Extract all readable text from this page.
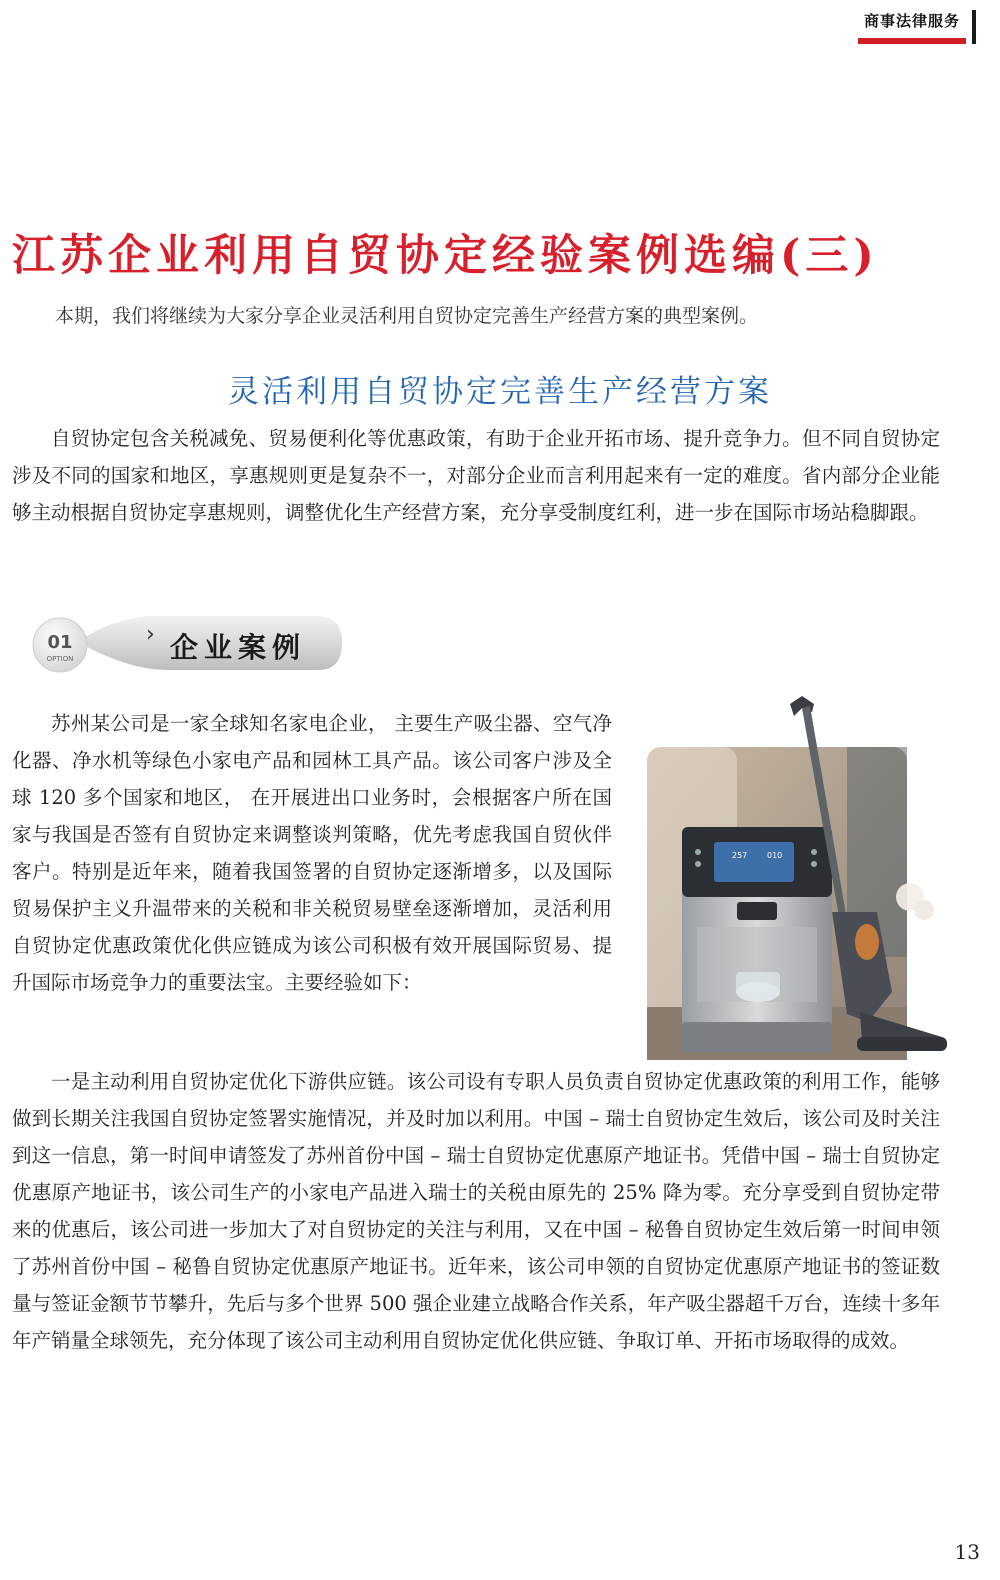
商事法律服务
江苏企业利用自贸协定经验案例选编(三)
本期，我们将继续为大家分享企业灵活利用自贸协定完善生产经营方案的典型案例。
灵活利用自贸协定完善生产经营方案

自贸协定包含关税减免、贸易便利化等优惠政策，有助于企业开拓市场、提升竞争力。但不同自贸协定涉及不同的国家和地区，享惠规则更是复杂不一，对部分企业而言利用起来有一定的难度。省内部分企业能够主动根据自贸协定享惠规则，调整优化生产经营方案，充分享受制度红利，进一步在国际市场站稳脚跟。

01
OPTION
› 企业案例

苏州某公司是一家全球知名家电企业， 主要生产吸尘器、空气净化器、净水机等绿色小家电产品和园林工具产品。该公司客户涉及全球 120 多个国家和地区， 在开展进出口业务时，会根据客户所在国家与我国是否签有自贸协定来调整谈判策略，优先考虑我国自贸伙伴客户。特别是近年来，随着我国签署的自贸协定逐渐增多，以及国际贸易保护主义升温带来的关税和非关税贸易壁垒逐渐增加，灵活利用自贸协定优惠政策优化供应链成为该公司积极有效开展国际贸易、提升国际市场竞争力的重要法宝。主要经验如下：

257 010
一是主动利用自贸协定优化下游供应链。该公司设有专职人员负责自贸协定优惠政策的利用工作，能够做到长期关注我国自贸协定签署实施情况，并及时加以利用。中国 – 瑞士自贸协定生效后，该公司及时关注到这一信息，第一时间申请签发了苏州首份中国 – 瑞士自贸协定优惠原产地证书。凭借中国 – 瑞士自贸协定优惠原产地证书，该公司生产的小家电产品进入瑞士的关税由原先的 25% 降为零。充分享受到自贸协定带来的优惠后，该公司进一步加大了对自贸协定的关注与利用，又在中国 – 秘鲁自贸协定生效后第一时间申领了苏州首份中国 – 秘鲁自贸协定优惠原产地证书。近年来，该公司申领的自贸协定优惠原产地证书的签证数量与签证金额节节攀升，先后与多个世界 500 强企业建立战略合作关系，年产吸尘器超千万台，连续十多年年产销量全球领先，充分体现了该公司主动利用自贸协定优化供应链、争取订单、开拓市场取得的成效。
13
